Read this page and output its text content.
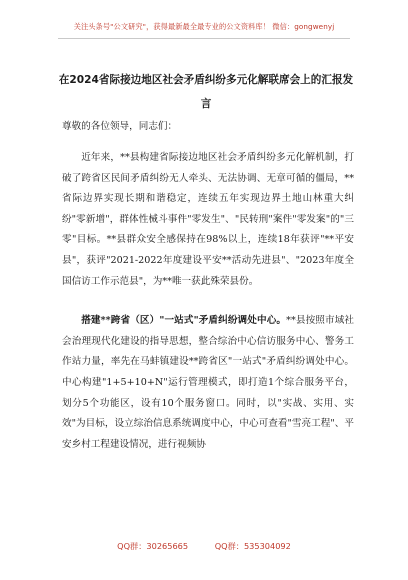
关注头条号"公文研究"，获得最新最全最专业的公文资料库！ 微信：gongwenyj
在2024省际接边地区社会矛盾纠纷多元化解联席会上的汇报发言
尊敬的各位领导，同志们：

近年来，**县构建省际接边地区社会矛盾纠纷多元化解机制，打破了跨省区民间矛盾纠纷无人牵头、无法协调、无章可循的僵局，**省际边界实现长期和谐稳定，连续五年实现边界土地山林重大纠纷"零新增"，群体性械斗事件"零发生"、"民转刑"案件"零发案"的"三零"目标。**县群众安全感保持在98%以上，连续18年获评"**平安县"，获评"2021-2022年度建设平安**活动先进县"、"2023年度全国信访工作示范县"，为**唯一获此殊荣县份。

搭建**跨省（区）"一站式"矛盾纠纷调处中心。**县按照市域社会治理现代化建设的指导思想，整合综治中心信访服务中心、警务工作站力量，率先在马蚌镇建设**跨省区"一站式"矛盾纠纷调处中心。中心构建"1+5+10+N"运行管理模式，即打造1个综合服务平台，划分5个功能区，设有10个服务窗口。同时，以"实战、实用、实效"为目标，设立综治信息系统调度中心，中心可查看"雪亮工程"、平安乡村工程建设情况，进行视频协

QQ群：30265665	QQ群：535304092
